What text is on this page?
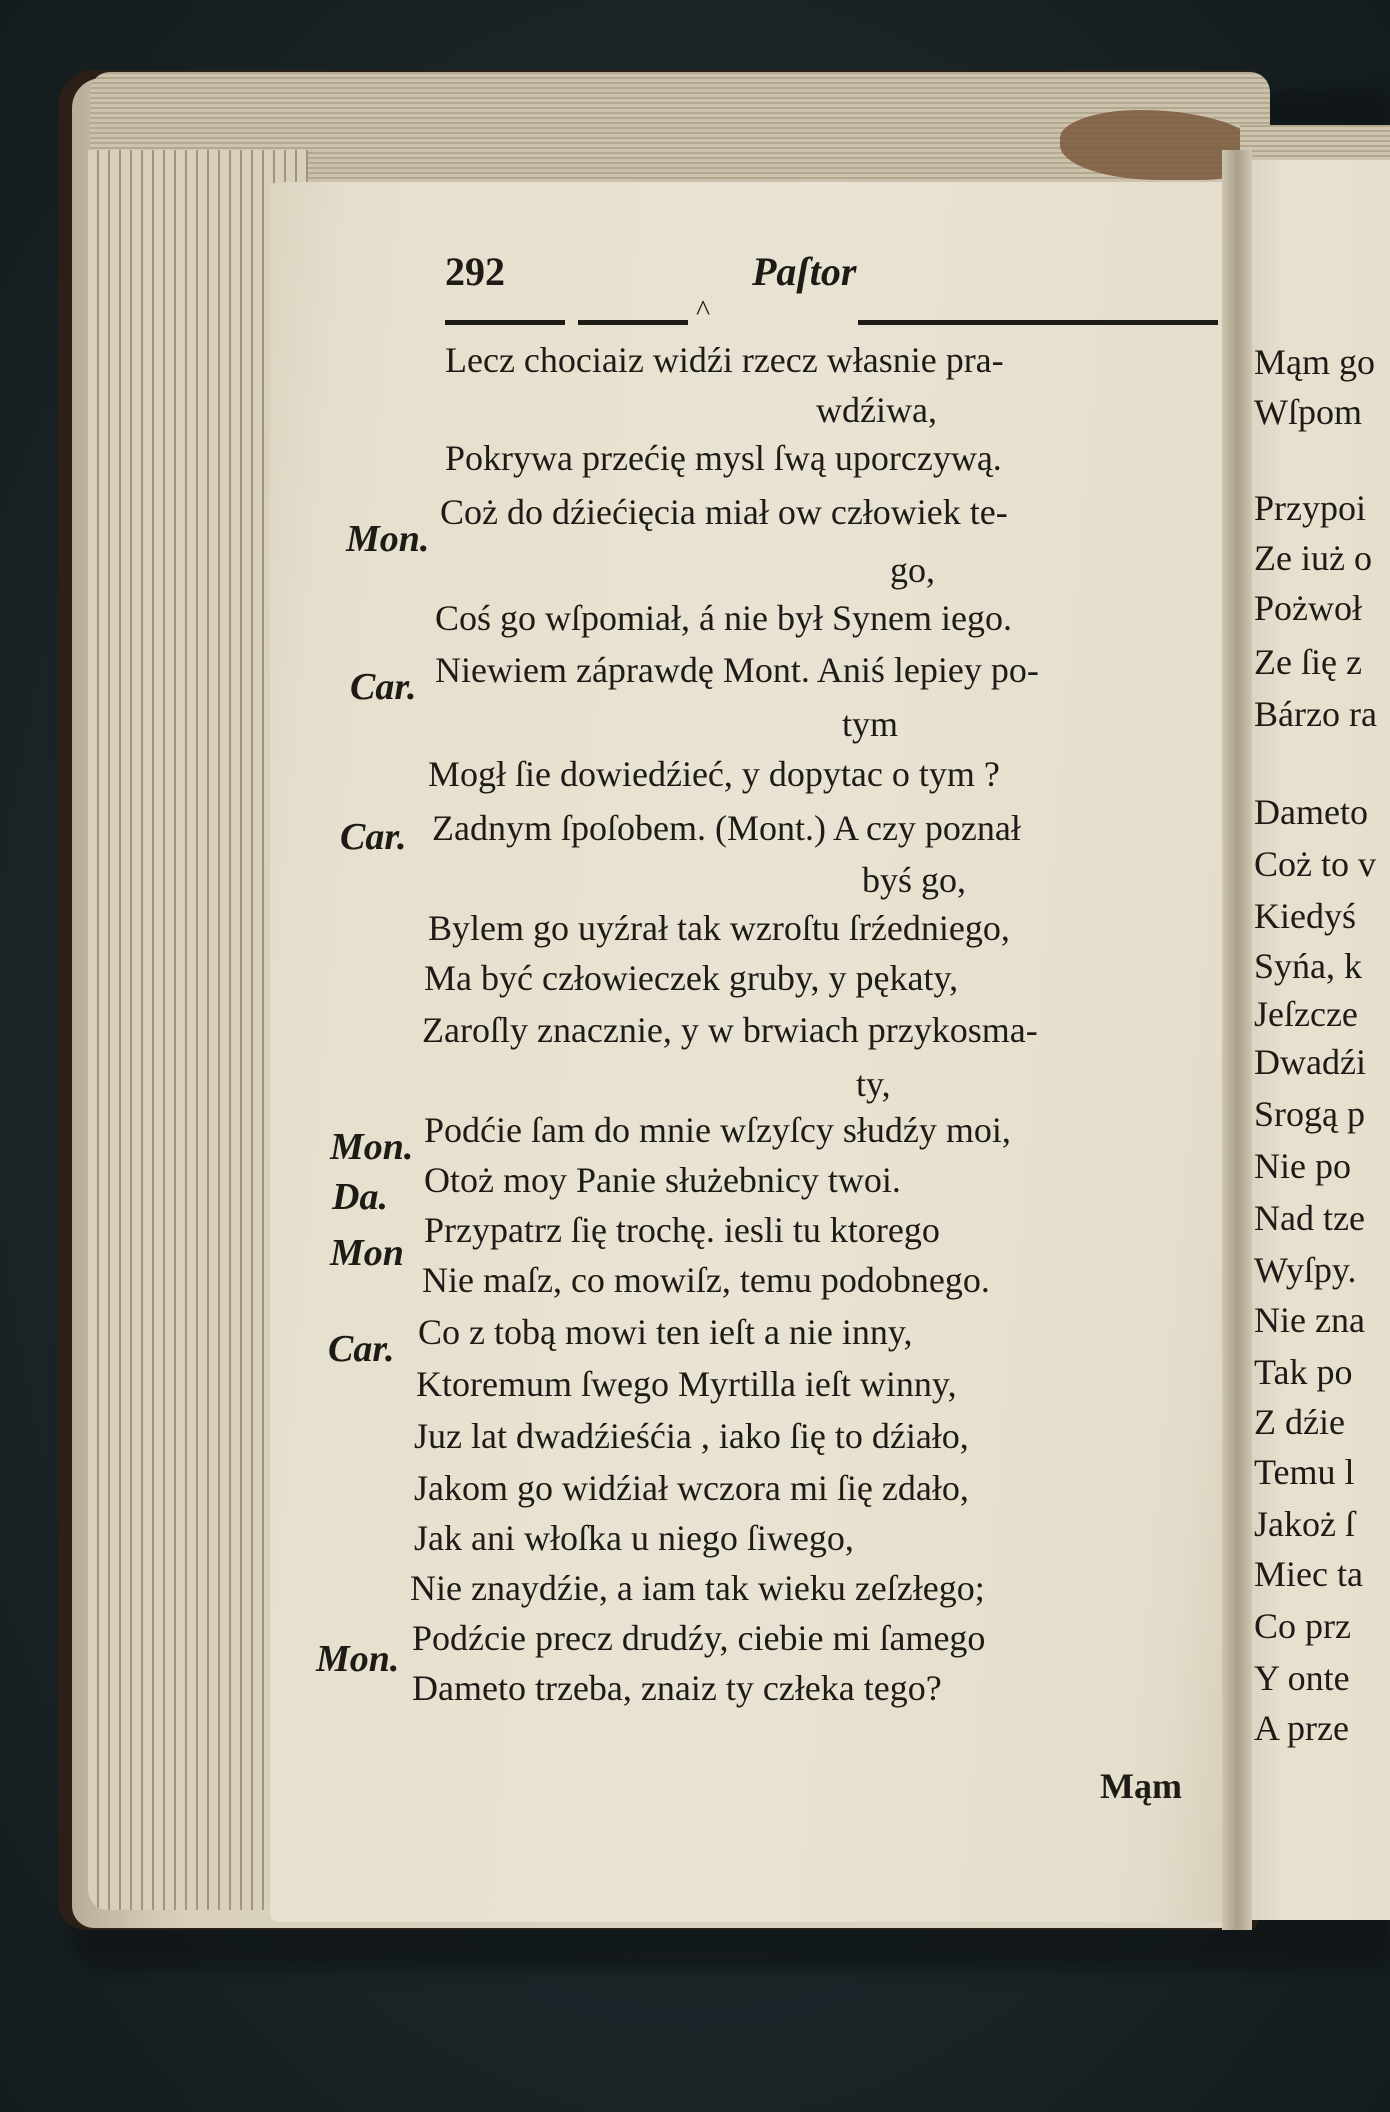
292	Paſtor
^
Lecz chociaiz widźi rzecz własnie pra-
wdźiwa,
Pokrywa przećię mysl ſwą uporczywą.
Coż do dźiećięcia miał ow człowiek te-
go,
Coś go wſpomiał, á nie był Synem iego.
Niewiem záprawdę Mont. Aniś lepiey po-
tym
Mogł ſie dowiedźieć, y dopytac o tym ?
Zadnym ſpoſobem. (Mont.) A czy poznał
byś go,
Bylem go uyźrał tak wzroſtu ſrźedniego,
Ma być człowieczek gruby, y pękaty,
Zaroſly znacznie, y w brwiach przykosma-
ty,
Podćie ſam do mnie wſzyſcy słudźy moi,
Otoż moy Panie służebnicy twoi.
Przypatrz ſię trochę. iesli tu ktorego
Nie maſz, co mowiſz, temu podobnego.
Co z tobą mowi ten ieſt a nie inny,
Ktoremum ſwego Myrtilla ieſt winny,
Juz lat dwadźieśćia , iako ſię to dźiało,
Jakom go widźiał wczora mi ſię zdało,
Jak ani włoſka u niego ſiwego,
Nie znaydźie, a iam tak wieku zeſzłego;
Podźcie precz drudźy, ciebie mi ſamego
Dameto trzeba, znaiz ty człeka tego?
Mon.
Car.
Car.
Mon.
Da.
Mon
Car.
Mon.
Mąm
Mąm go
Wſpom
Przypoi
Ze iuż o
Pożwoł
Ze ſię z
Bárzo ra
Dameto
Coż to v
Kiedyś
Syńa, k
Jeſzcze
Dwadźi
Srogą p
Nie po
Nad tze
Wyſpy.
Nie zna
Tak po
Z dźie
Temu l
Jakoż ſ
Miec ta
Co prz
Y onte
A prze
